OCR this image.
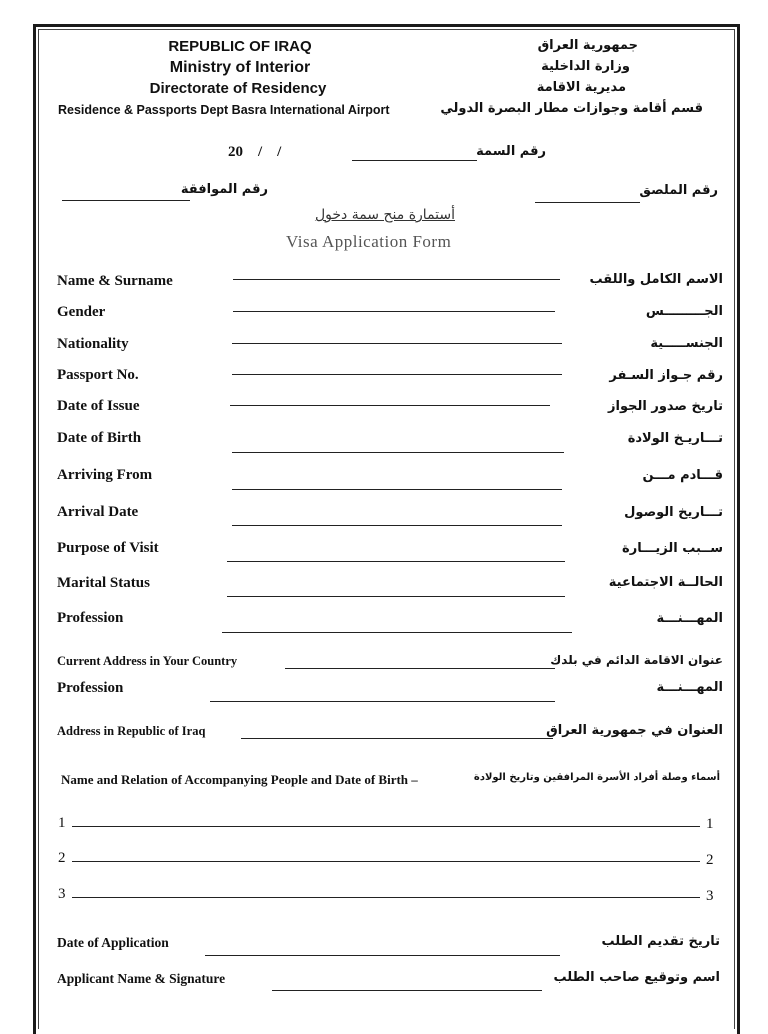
REPUBLIC OF IRAQ
Ministry of Interior
Directorate of Residency
Residence & Passports Dept Basra International Airport
جمهورية العراق
وزارة الداخلية
مديرية الاقامة
قسم أقامة وجوازات مطار البصرة الدولي
20    /    /	رقم السمة
رقم الموافقة	رقم الملصق
أستمارة منح سمة دخول
Visa Application Form
Name & Surname	الاسم الكامل واللقب
Gender	الجـــــــــس
Nationality	الجنســـــية
Passport No.	رقم جـواز السـفر
Date of Issue	تاريخ صدور الجواز
Date of Birth	تـــاريـخ الولادة
Arriving From	قـــادم مـــن
Arrival Date	تـــاريخ الوصول
Purpose of Visit	ســبب الزيـــارة
Marital Status	الحالــة الاجتماعية
Profession	المهـــنـــة
Current Address in Your Country	عنوان الاقامة الدائم في بلدك
Profession	المهـــنـــة
Address in Republic of Iraq	العنوان في جمهورية العراق
Name and Relation of Accompanying People and Date of Birth –	أسماء وصلة أفراد الأسرة المرافقين وتاريخ الولادة
1	1
2	2
3	3
Date of Application	تاريخ تقديم الطلب
Applicant Name & Signature	اسم وتوقيع صاحب الطلب
